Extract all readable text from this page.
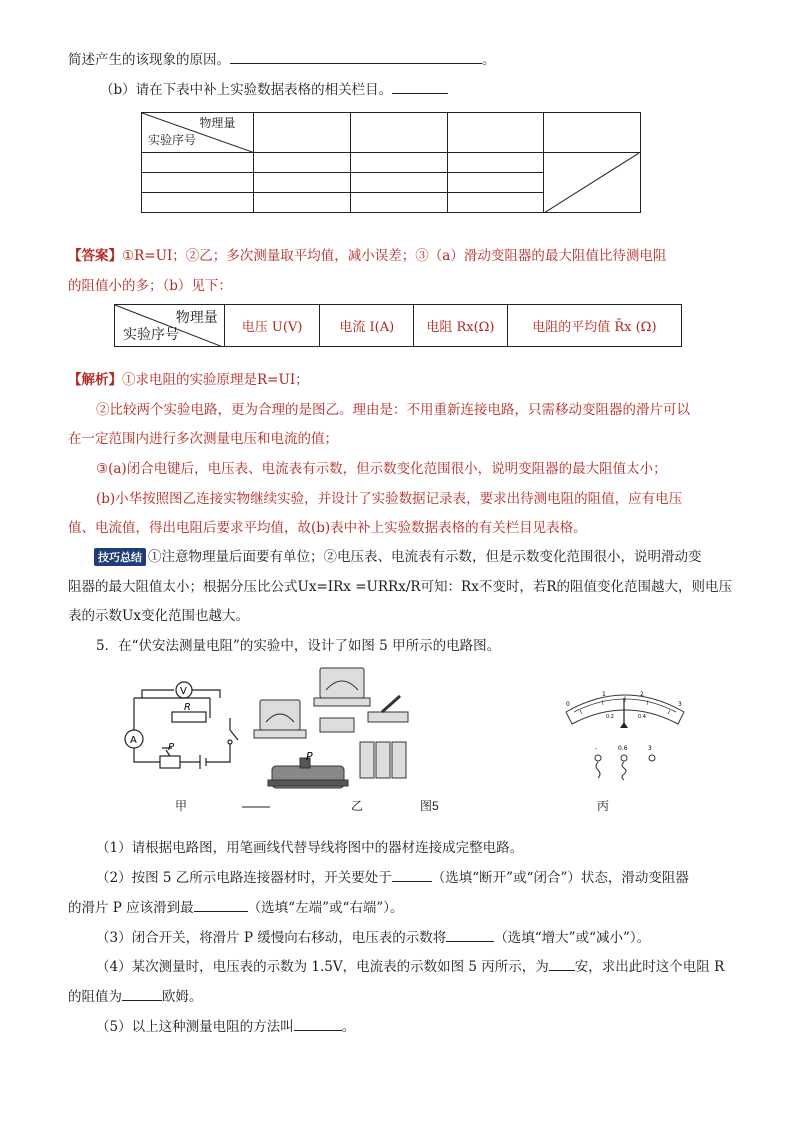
简述产生的该现象的原因。	。
（b）请在下表中补上实验数据表格的相关栏目。
物理量
实验序号				

【答案】①R=UI；②乙；多次测量取平均值，减小误差；③（a）滑动变阻器的最大阻值比待测电阻
的阻值小的多；（b）见下：
物理量
实验序号	电压 U(V)	电流 I(A)	电阻 Rx(Ω)	电阻的平均值 R̄x (Ω)
【解析】①求电阻的实验原理是R=UI；
②比较两个实验电路，更为合理的是图乙。理由是：不用重新连接电路，只需移动变阻器的滑片可以
在一定范围内进行多次测量电压和电流的值；
③(a)闭合电键后，电压表、电流表有示数，但示数变化范围很小，说明变阻器的最大阻值太小；
(b)小华按照图乙连接实物继续实验，并设计了实验数据记录表，要求出待测电阻的阻值，应有电压
值、电流值，得出电阻后要求平均值，故(b)表中补上实验数据表格的有关栏目见表格。
技巧总结 ①注意物理量后面要有单位；②电压表、电流表有示数，但是示数变化范围很小，说明滑动变
阻器的最大阻值太小；根据分压比公式Ux=IRx =URRx/R可知：Rx不变时，若R的阻值变化范围越大，则电压
表的示数Ux变化范围也越大。
5．在“伏安法测量电阻”的实验中，设计了如图 5 甲所示的电路图。
V
A
R
P
P
甲	乙	图5
0
1	2
3
0.2	0.4
-	0.6	3
丙
（1）请根据电路图，用笔画线代替导线将图中的器材连接成完整电路。
（2）按图 5 乙所示电路连接器材时，开关要处于	（选填“断开”或“闭合”）状态，滑动变阻器
的滑片 P 应该滑到最	（选填“左端”或“右端”）。
（3）闭合开关，将滑片 P 缓慢向右移动，电压表的示数将	（选填“增大”或“减小”）。
（4）某次测量时，电压表的示数为 1.5V，电流表的示数如图 5 丙所示，为 安，求出此时这个电阻 R
的阻值为	欧姆。
（5）以上这种测量电阻的方法叫	。
